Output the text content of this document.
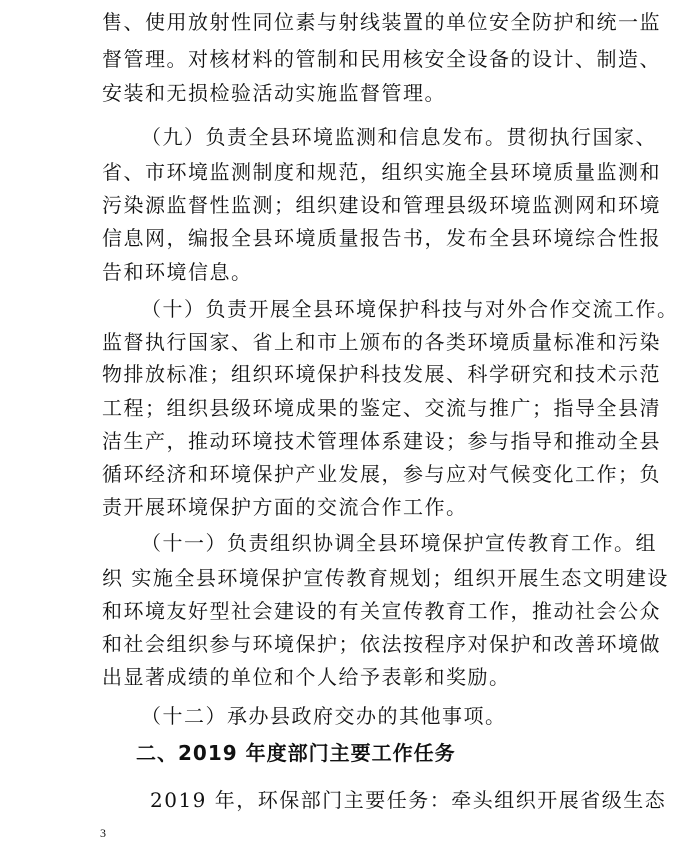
售、使用放射性同位素与射线装置的单位安全防护和统一监
督管理。对核材料的管制和民用核安全设备的设计、制造、
安装和无损检验活动实施监督管理。
（九）负责全县环境监测和信息发布。贯彻执行国家、
省、市环境监测制度和规范，组织实施全县环境质量监测和
污染源监督性监测；组织建设和管理县级环境监测网和环境
信息网，编报全县环境质量报告书，发布全县环境综合性报
告和环境信息。
（十）负责开展全县环境保护科技与对外合作交流工作。
监督执行国家、省上和市上颁布的各类环境质量标准和污染
物排放标准；组织环境保护科技发展、科学研究和技术示范
工程；组织县级环境成果的鉴定、交流与推广；指导全县清
洁生产，推动环境技术管理体系建设；参与指导和推动全县
循环经济和环境保护产业发展，参与应对气候变化工作；负
责开展环境保护方面的交流合作工作。
（十一）负责组织协调全县环境保护宣传教育工作。组
织 实施全县环境保护宣传教育规划；组织开展生态文明建设
和环境友好型社会建设的有关宣传教育工作，推动社会公众
和社会组织参与环境保护；依法按程序对保护和改善环境做
出显著成绩的单位和个人给予表彰和奖励。
（十二）承办县政府交办的其他事项。
二、2019 年度部门主要工作任务
2019 年，环保部门主要任务：牵头组织开展省级生态
3
